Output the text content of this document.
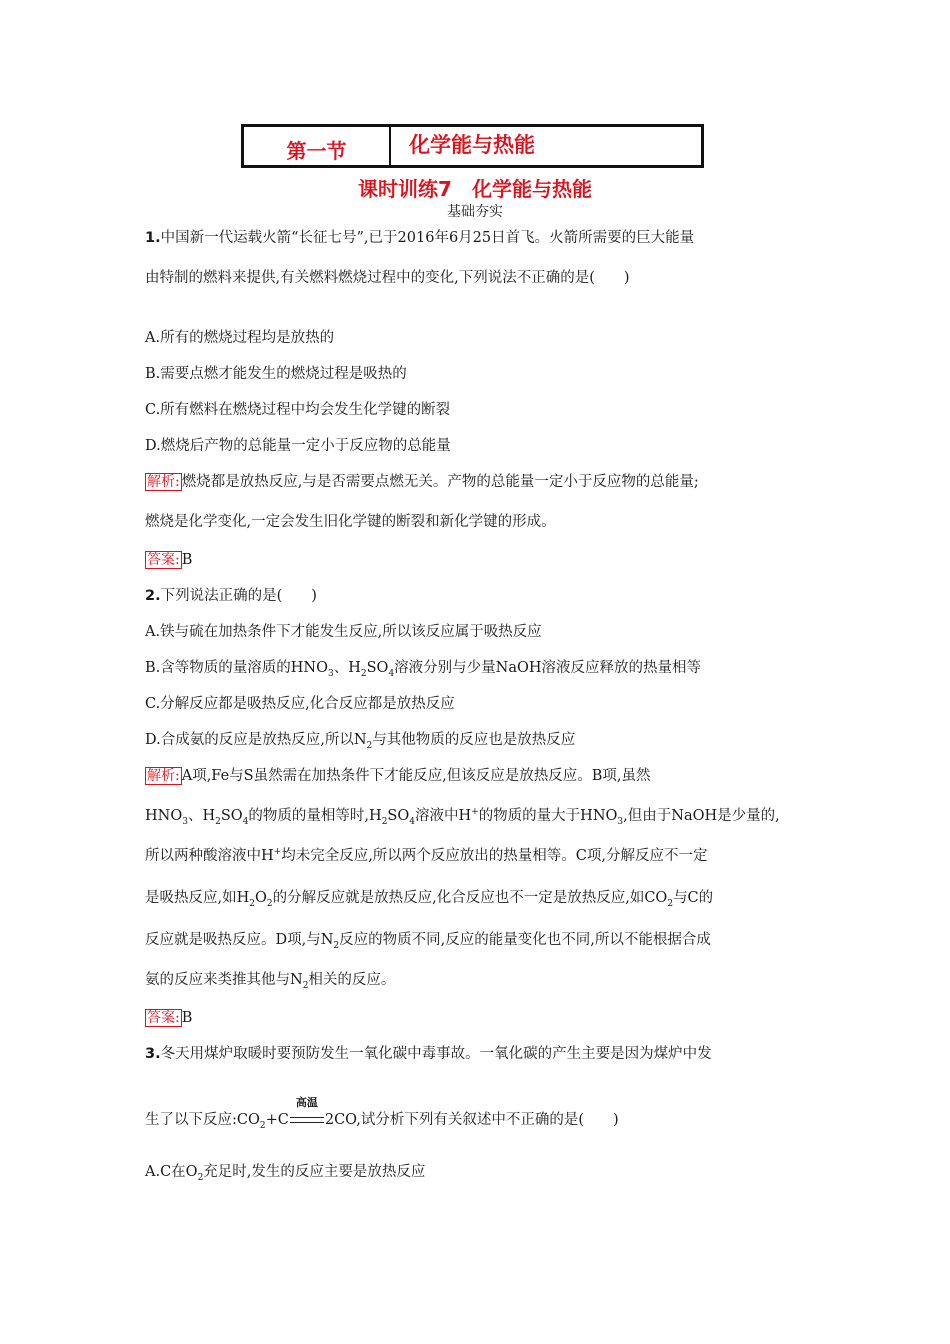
第一节	化学能与热能
课时训练7　化学能与热能
基础夯实
1.中国新一代运载火箭“长征七号”,已于2016年6月25日首飞。火箭所需要的巨大能量
由特制的燃料来提供,有关燃料燃烧过程中的变化,下列说法不正确的是(　　)
A.所有的燃烧过程均是放热的
B.需要点燃才能发生的燃烧过程是吸热的
C.所有燃料在燃烧过程中均会发生化学键的断裂
D.燃烧后产物的总能量一定小于反应物的总能量
解析: 燃烧都是放热反应,与是否需要点燃无关。产物的总能量一定小于反应物的总能量;
燃烧是化学变化,一定会发生旧化学键的断裂和新化学键的形成。
答案: B
2.下列说法正确的是(　　)
A.铁与硫在加热条件下才能发生反应,所以该反应属于吸热反应
B.含等物质的量溶质的$HNO_3$、$H_2SO_4$溶液分别与少量NaOH溶液反应释放的热量相等
C.分解反应都是吸热反应,化合反应都是放热反应
D.合成氨的反应是放热反应,所以$N_2$与其他物质的反应也是放热反应
解析: A项,Fe与S虽然需在加热条件下才能反应,但该反应是放热反应。B项,虽然
$HNO_3$、$H_2SO_4$的物质的量相等时$,H_2SO_4$溶液中H+的物质的量大于$HNO_3$,但由于NaOH是少量的,
所以两种酸溶液中H+均未完全反应,所以两个反应放出的热量相等。C项,分解反应不一定
是吸热反应,如$H_2O_2$的分解反应就是放热反应,化合反应也不一定是放热反应,如$CO_2$与C的
反应就是吸热反应。D项,与$N_2$反应的物质不同,反应的能量变化也不同,所以不能根据合成
氨的反应来类推其他与$N_2$相关的反应。
答案: B
3.冬天用煤炉取暖时要预防发生一氧化碳中毒事故。一氧化碳的产生主要是因为煤炉中发
生了以下反应$:CO_2+C$
高温
2CO,试分析下列有关叙述中不正确的是(　　)
A.C在$O_2$充足时,发生的反应主要是放热反应
